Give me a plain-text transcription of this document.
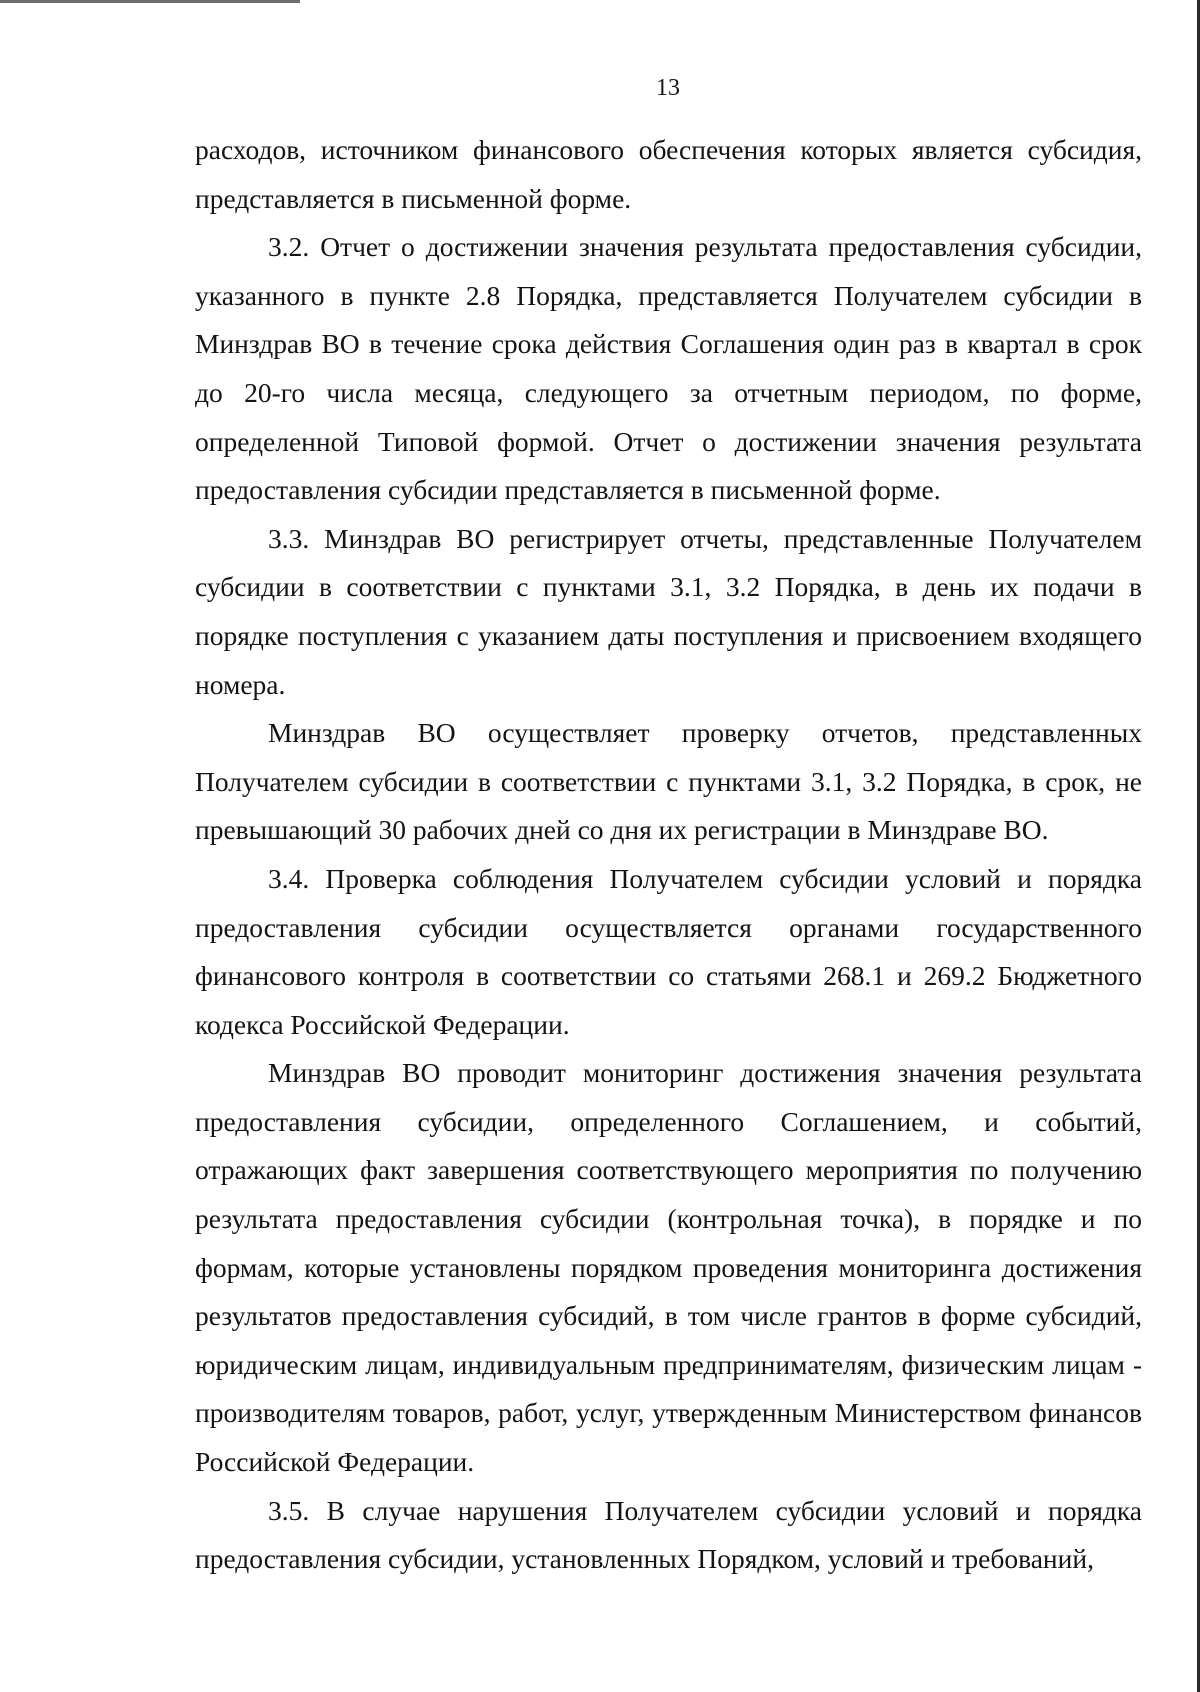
13

расходов, источником финансового обеспечения которых является субсидия, представляется в письменной форме.

3.2. Отчет о достижении значения результата предоставления субсидии, указанного в пункте 2.8 Порядка, представляется Получателем субсидии в Минздрав ВО в течение срока действия Соглашения один раз в квартал в срок до 20-го числа месяца, следующего за отчетным периодом, по форме, определенной Типовой формой. Отчет о достижении значения результата предоставления субсидии представляется в письменной форме.

3.3. Минздрав ВО регистрирует отчеты, представленные Получателем субсидии в соответствии с пунктами 3.1, 3.2 Порядка, в день их подачи в порядке поступления с указанием даты поступления и присвоением входящего номера.

Минздрав ВО осуществляет проверку отчетов, представленных Получателем субсидии в соответствии с пунктами 3.1, 3.2 Порядка, в срок, не превышающий 30 рабочих дней со дня их регистрации в Минздраве ВО.

3.4. Проверка соблюдения Получателем субсидии условий и порядка предоставления субсидии осуществляется органами государственного финансового контроля в соответствии со статьями 268.1 и 269.2 Бюджетного кодекса Российской Федерации.

Минздрав ВО проводит мониторинг достижения значения результата предоставления субсидии, определенного Соглашением, и событий, отражающих факт завершения соответствующего мероприятия по получению результата предоставления субсидии (контрольная точка), в порядке и по формам, которые установлены порядком проведения мониторинга достижения результатов предоставления субсидий, в том числе грантов в форме субсидий, юридическим лицам, индивидуальным предпринимателям, физическим лицам - производителям товаров, работ, услуг, утвержденным Министерством финансов Российской Федерации.

3.5. В случае нарушения Получателем субсидии условий и порядка предоставления субсидии, установленных Порядком, условий и требований,
